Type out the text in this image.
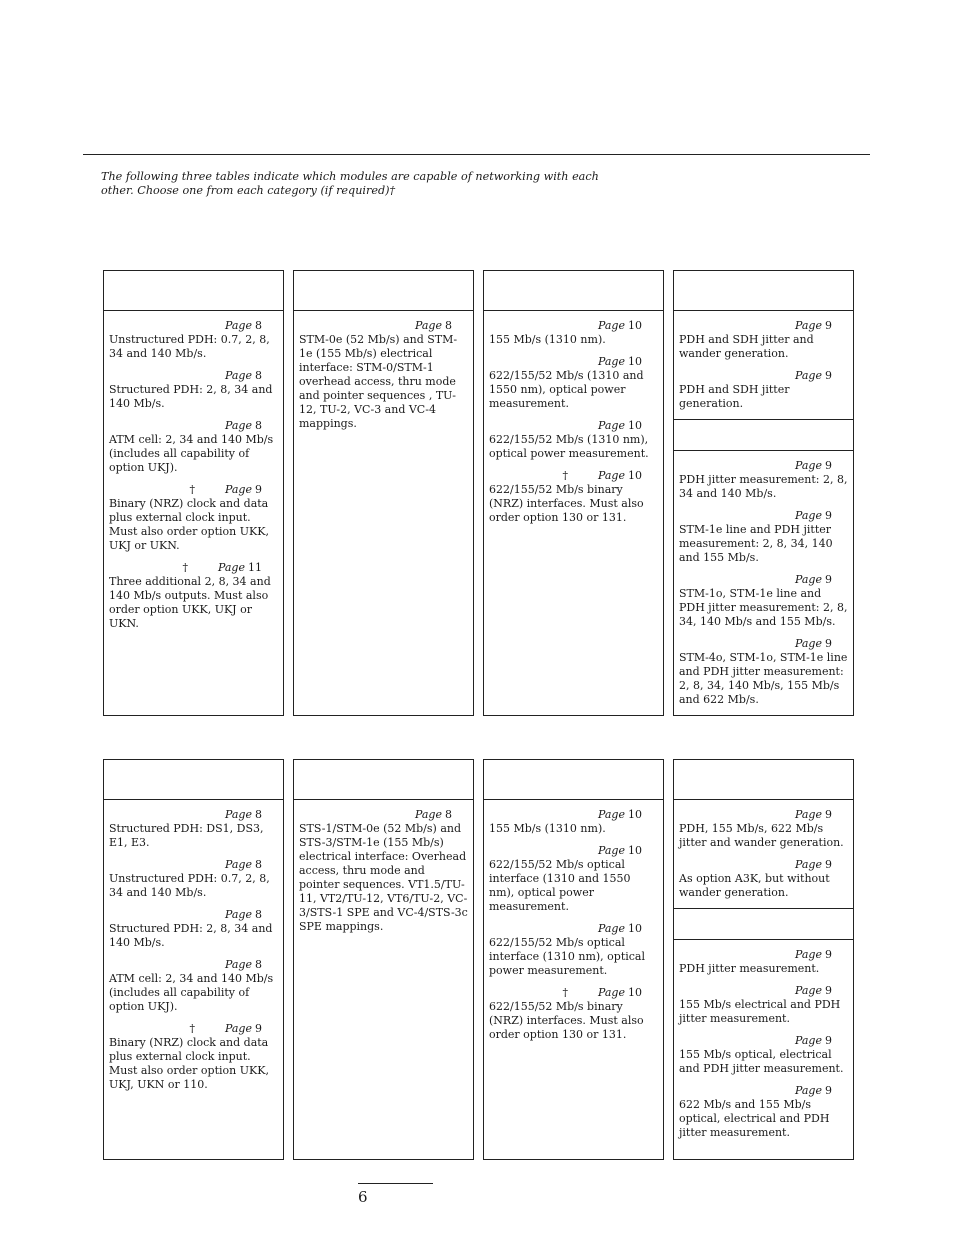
The following three tables indicate which modules are capable of networking with each other. Choose one from each category (if required)†
Page 8
Unstructured PDH: 0.7, 2, 8, 34 and 140 Mb/s.
Page 8
Structured PDH: 2, 8, 34 and 140 Mb/s.
Page 8
ATM cell: 2, 34 and 140 Mb/s (includes all capability of option UKJ).
†	Page 9
Binary (NRZ) clock and data plus external clock input. Must also order option UKK, UKJ or UKN.
†	Page 11
Three additional 2, 8, 34 and 140 Mb/s outputs. Must also order option UKK, UKJ or UKN.
Page 8
STM-0e (52 Mb/s) and STM-1e (155 Mb/s) electrical interface: STM-0/STM-1 overhead access, thru mode and pointer sequences , TU-12, TU-2, VC-3 and VC-4 mappings.
Page 10
155 Mb/s (1310 nm).
Page 10
622/155/52 Mb/s (1310 and 1550 nm), optical power measurement.
Page 10
622/155/52 Mb/s (1310 nm), optical power measurement.
†	Page 10
622/155/52 Mb/s binary (NRZ) interfaces. Must also order option 130 or 131.
Page 9
PDH and SDH jitter and wander generation.
Page 9
PDH and SDH jitter generation.
Page 9
PDH jitter measurement: 2, 8, 34 and 140 Mb/s.
Page 9
STM-1e line and PDH jitter measurement: 2, 8, 34, 140 and 155 Mb/s.
Page 9
STM-1o, STM-1e line and PDH jitter measurement: 2, 8, 34, 140 Mb/s and 155 Mb/s.
Page 9
STM-4o, STM-1o, STM-1e line and PDH jitter measurement: 2, 8, 34, 140 Mb/s, 155 Mb/s and 622 Mb/s.
Page 8
Structured PDH: DS1, DS3, E1, E3.
Page 8
Unstructured PDH: 0.7, 2, 8, 34 and 140 Mb/s.
Page 8
Structured PDH: 2, 8, 34 and 140 Mb/s.
Page 8
ATM cell: 2, 34 and 140 Mb/s (includes all capability of option UKJ).
†	Page 9
Binary (NRZ) clock and data plus external clock input. Must also order option UKK, UKJ, UKN or 110.
Page 8
STS-1/STM-0e (52 Mb/s) and STS-3/STM-1e (155 Mb/s) electrical interface: Overhead access, thru mode and pointer sequences. VT1.5/TU-11, VT2/TU-12, VT6/TU-2, VC-3/STS-1 SPE and VC-4/STS-3c SPE mappings.
Page 10
155 Mb/s (1310 nm).
Page 10
622/155/52 Mb/s optical interface (1310 and 1550 nm), optical power measurement.
Page 10
622/155/52 Mb/s optical interface (1310 nm), optical power measurement.
†	Page 10
622/155/52 Mb/s binary (NRZ) interfaces. Must also order option 130 or 131.
Page 9
PDH, 155 Mb/s, 622 Mb/s jitter and wander generation.
Page 9
As option A3K, but without wander generation.
Page 9
PDH jitter measurement.
Page 9
155 Mb/s electrical and PDH jitter measurement.
Page 9
155 Mb/s optical, electrical and PDH jitter measurement.
Page 9
622 Mb/s and 155 Mb/s optical, electrical and PDH jitter measurement.
6
